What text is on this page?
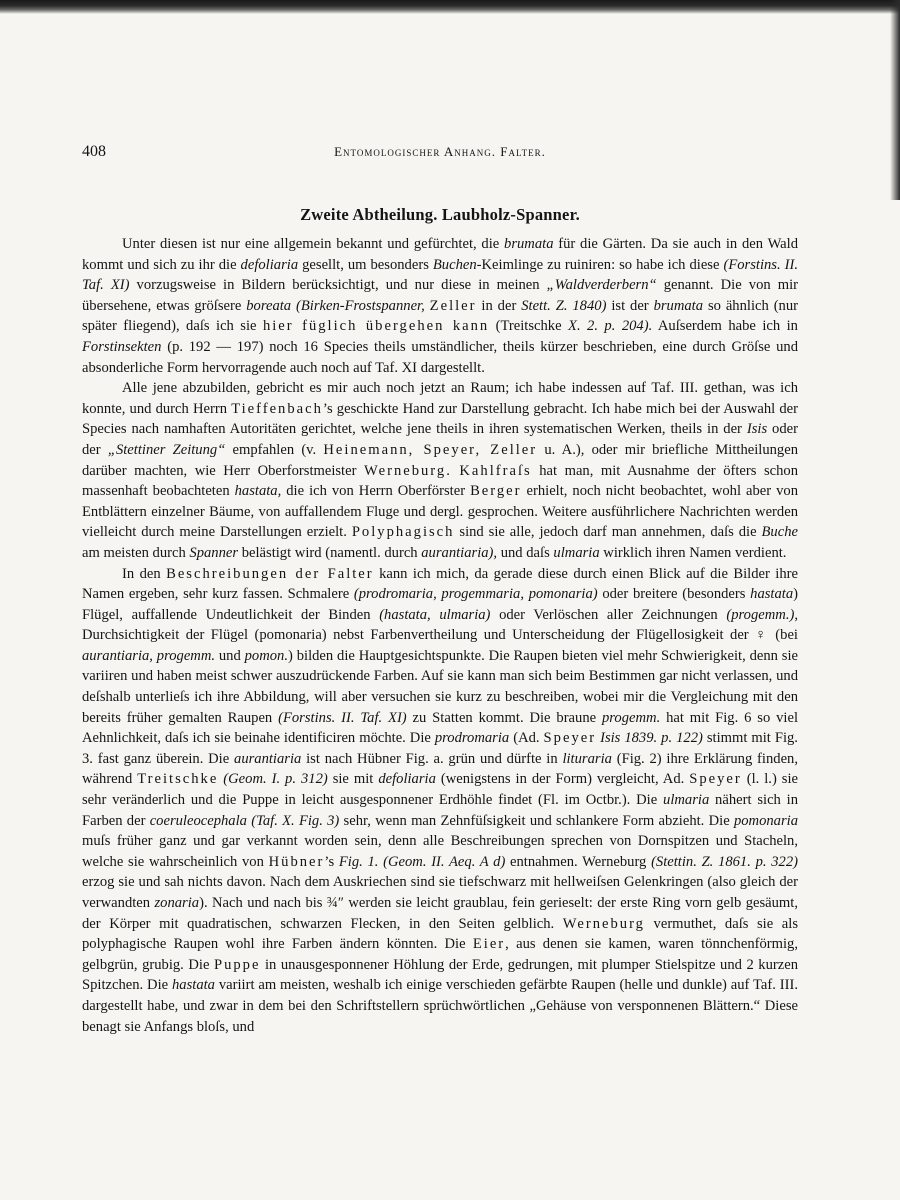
408	Entomologischer Anhang. Falter.
Zweite Abtheilung. Laubholz-Spanner.

Unter diesen ist nur eine allgemein bekannt und gefürchtet, die brumata für die Gärten. Da sie auch in den Wald kommt und sich zu ihr die defoliaria gesellt, um besonders Buchen-Keimlinge zu ruiniren: so habe ich diese (Forstins. II. Taf. XI) vorzugsweise in Bildern berücksichtigt, und nur diese in meinen „Waldverderbern“ genannt. Die von mir übersehene, etwas gröſsere boreata (Birken-Frostspanner, Zeller in der Stett. Z. 1840) ist der brumata so ähnlich (nur später fliegend), daſs ich sie hier füglich übergehen kann (Treitschke X. 2. p. 204). Auſserdem habe ich in Forstinsekten (p. 192 — 197) noch 16 Species theils umständlicher, theils kürzer beschrieben, eine durch Gröſse und absonderliche Form hervorragende auch noch auf Taf. XI dargestellt.

Alle jene abzubilden, gebricht es mir auch noch jetzt an Raum; ich habe indessen auf Taf. III. gethan, was ich konnte, und durch Herrn Tieffenbach’s geschickte Hand zur Darstellung gebracht. Ich habe mich bei der Auswahl der Species nach namhaften Autoritäten gerichtet, welche jene theils in ihren systematischen Werken, theils in der Isis oder der „Stettiner Zeitung“ empfahlen (v. Heinemann, Speyer, Zeller u. A.), oder mir briefliche Mittheilungen darüber machten, wie Herr Oberforstmeister Werneburg. Kahlfraſs hat man, mit Ausnahme der öfters schon massenhaft beobachteten hastata, die ich von Herrn Oberförster Berger erhielt, noch nicht beobachtet, wohl aber von Entblättern einzelner Bäume, von auffallendem Fluge und dergl. gesprochen. Weitere ausführlichere Nachrichten werden vielleicht durch meine Darstellungen erzielt. Polyphagisch sind sie alle, jedoch darf man annehmen, daſs die Buche am meisten durch Spanner belästigt wird (namentl. durch aurantiaria), und daſs ulmaria wirklich ihren Namen verdient.

In den Beschreibungen der Falter kann ich mich, da gerade diese durch einen Blick auf die Bilder ihre Namen ergeben, sehr kurz fassen. Schmalere (prodromaria, progemmaria, pomonaria) oder breitere (besonders hastata) Flügel, auffallende Undeutlichkeit der Binden (hastata, ulmaria) oder Verlöschen aller Zeichnungen (progemm.), Durchsichtigkeit der Flügel (pomonaria) nebst Farbenvertheilung und Unterscheidung der Flügellosigkeit der ♀ (bei aurantiaria, progemm. und pomon.) bilden die Hauptgesichtspunkte. Die Raupen bieten viel mehr Schwierigkeit, denn sie variiren und haben meist schwer auszudrückende Farben. Auf sie kann man sich beim Bestimmen gar nicht verlassen, und deſshalb unterlieſs ich ihre Abbildung, will aber versuchen sie kurz zu beschreiben, wobei mir die Vergleichung mit den bereits früher gemalten Raupen (Forstins. II. Taf. XI) zu Statten kommt. Die braune progemm. hat mit Fig. 6 so viel Aehnlichkeit, daſs ich sie beinahe identificiren möchte. Die prodromaria (Ad. Speyer Isis 1839. p. 122) stimmt mit Fig. 3. fast ganz überein. Die aurantiaria ist nach Hübner Fig. a. grün und dürfte in lituraria (Fig. 2) ihre Erklärung finden, während Treitschke (Geom. I. p. 312) sie mit defoliaria (wenigstens in der Form) vergleicht, Ad. Speyer (l. l.) sie sehr veränderlich und die Puppe in leicht ausgesponnener Erdhöhle findet (Fl. im Octbr.). Die ulmaria nähert sich in Farben der coeruleocephala (Taf. X. Fig. 3) sehr, wenn man Zehnfüſsigkeit und schlankere Form abzieht. Die pomonaria muſs früher ganz und gar verkannt worden sein, denn alle Beschreibungen sprechen von Dornspitzen und Stacheln, welche sie wahrscheinlich von Hübner’s Fig. 1. (Geom. II. Aeq. A d) entnahmen. Werneburg (Stettin. Z. 1861. p. 322) erzog sie und sah nichts davon. Nach dem Auskriechen sind sie tiefschwarz mit hellweiſsen Gelenkringen (also gleich der verwandten zonaria). Nach und nach bis ¾″ werden sie leicht graublau, fein gerieselt: der erste Ring vorn gelb gesäumt, der Körper mit quadratischen, schwarzen Flecken, in den Seiten gelblich. Werneburg vermuthet, daſs sie als polyphagische Raupen wohl ihre Farben ändern könnten. Die Eier, aus denen sie kamen, waren tönnchenförmig, gelbgrün, grubig. Die Puppe in unausgesponnener Höhlung der Erde, gedrungen, mit plumper Stielspitze und 2 kurzen Spitzchen. Die hastata variirt am meisten, weshalb ich einige verschieden gefärbte Raupen (helle und dunkle) auf Taf. III. dargestellt habe, und zwar in dem bei den Schriftstellern sprüchwörtlichen „Gehäuse von versponnenen Blättern.“ Diese benagt sie Anfangs bloſs, und
